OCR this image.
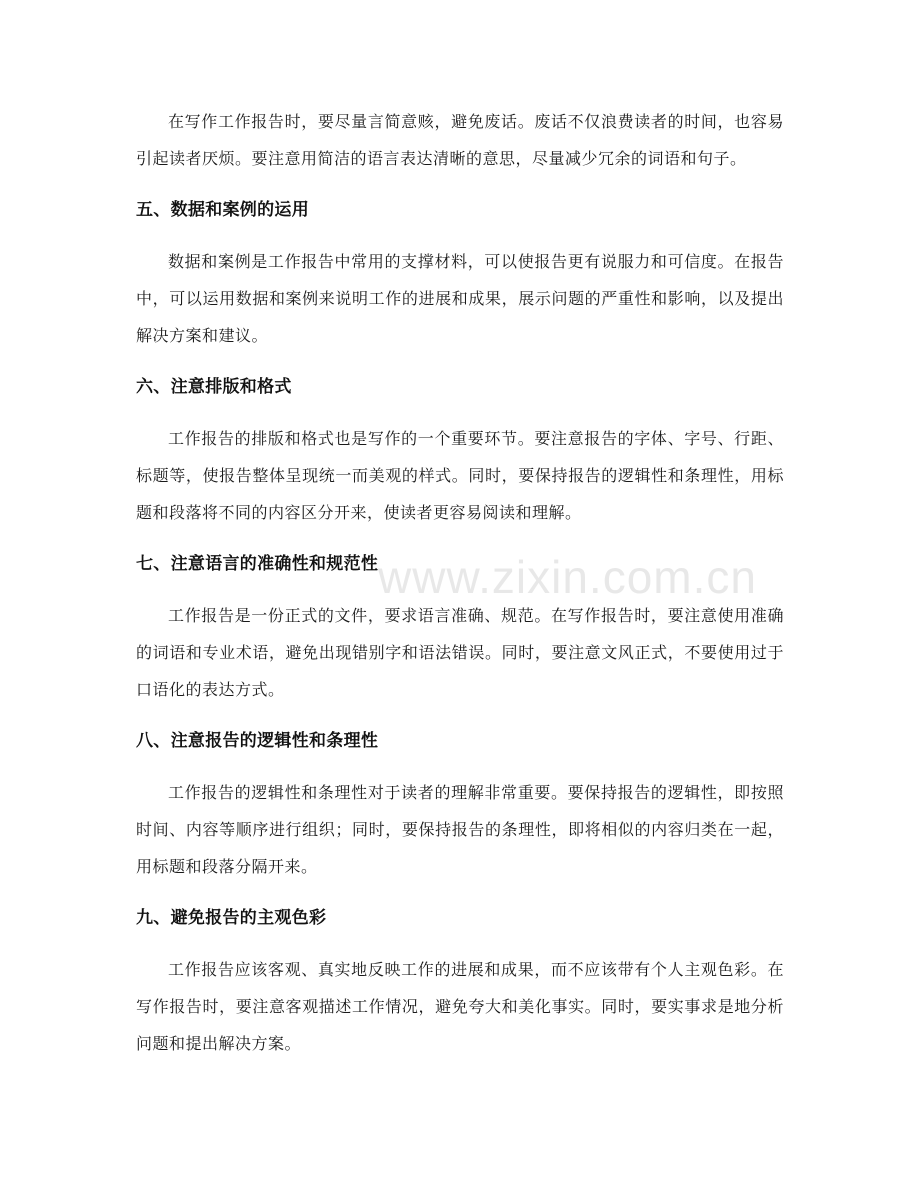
在写作工作报告时，要尽量言简意赅，避免废话。废话不仅浪费读者的时间，也容易引起读者厌烦。要注意用简洁的语言表达清晰的意思，尽量减少冗余的词语和句子。

五、数据和案例的运用

数据和案例是工作报告中常用的支撑材料，可以使报告更有说服力和可信度。在报告中，可以运用数据和案例来说明工作的进展和成果，展示问题的严重性和影响，以及提出解决方案和建议。

六、注意排版和格式

工作报告的排版和格式也是写作的一个重要环节。要注意报告的字体、字号、行距、标题等，使报告整体呈现统一而美观的样式。同时，要保持报告的逻辑性和条理性，用标题和段落将不同的内容区分开来，使读者更容易阅读和理解。

七、注意语言的准确性和规范性

工作报告是一份正式的文件，要求语言准确、规范。在写作报告时，要注意使用准确的词语和专业术语，避免出现错别字和语法错误。同时，要注意文风正式，不要使用过于口语化的表达方式。

八、注意报告的逻辑性和条理性

工作报告的逻辑性和条理性对于读者的理解非常重要。要保持报告的逻辑性，即按照时间、内容等顺序进行组织；同时，要保持报告的条理性，即将相似的内容归类在一起，用标题和段落分隔开来。

九、避免报告的主观色彩

工作报告应该客观、真实地反映工作的进展和成果，而不应该带有个人主观色彩。在写作报告时，要注意客观描述工作情况，避免夸大和美化事实。同时，要实事求是地分析问题和提出解决方案。

www.zixin.com.cn
